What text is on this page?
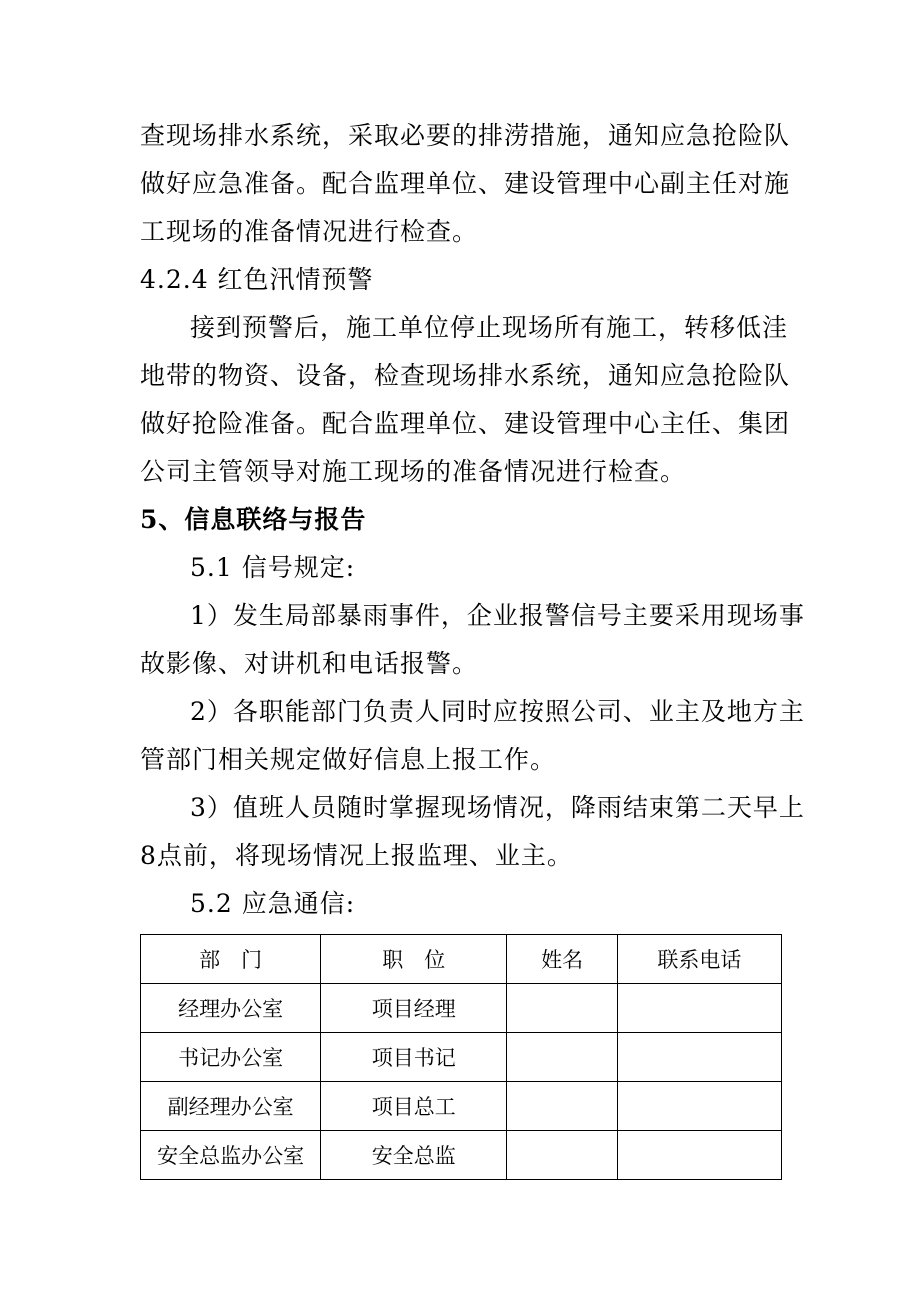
查现场排水系统，采取必要的排涝措施，通知应急抢险队
做好应急准备。配合监理单位、建设管理中心副主任对施
工现场的准备情况进行检查。
4.2.4 红色汛情预警
接到预警后，施工单位停止现场所有施工，转移低洼
地带的物资、设备，检查现场排水系统，通知应急抢险队
做好抢险准备。配合监理单位、建设管理中心主任、集团
公司主管领导对施工现场的准备情况进行检查。
5、信息联络与报告
5.1 信号规定:
1）发生局部暴雨事件，企业报警信号主要采用现场事
故影像、对讲机和电话报警。
2）各职能部门负责人同时应按照公司、业主及地方主
管部门相关规定做好信息上报工作。
3）值班人员随时掌握现场情况，降雨结束第二天早上
8点前，将现场情况上报监理、业主。
5.2 应急通信:
部　门	职　位	姓名	联系电话
经理办公室	项目经理		
书记办公室	项目书记		
副经理办公室	项目总工		
安全总监办公室	安全总监		
